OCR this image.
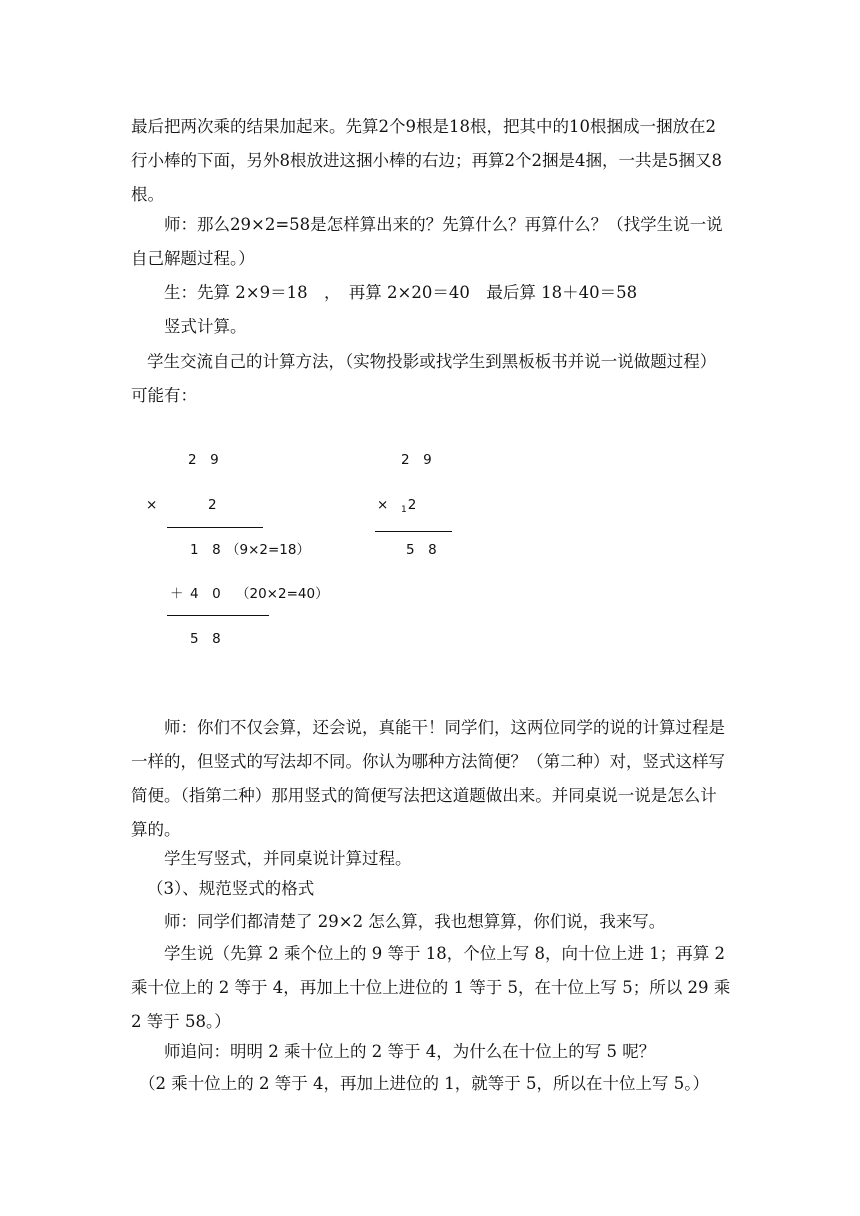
最后把两次乘的结果加起来。先算2个9根是18根，把其中的10根捆成一捆放在2行小棒的下面，另外8根放进这捆小棒的右边；再算2个2捆是4捆，一共是5捆又8根。

师：那么29×2=58是怎样算出来的？先算什么？再算什么？（找学生说一说自己解题过程。）

生：先算 2×9＝18　，　再算 2×20＝40　最后算 18＋40＝58

竖式计算。

学生交流自己的计算方法，（实物投影或找学生到黑板板书并说一说做题过程）可能有：

2　9
×	2
1　8 （9×2=18）
＋ 4　0 （20×2=40）
5　8
2　9
× $_1$2
5　8

师：你们不仅会算，还会说，真能干！同学们，这两位同学的说的计算过程是一样的，但竖式的写法却不同。你认为哪种方法简便？（第二种）对，竖式这样写简便。（指第二种）那用竖式的简便写法把这道题做出来。并同桌说一说是怎么计算的。

学生写竖式，并同桌说计算过程。

（3）、规范竖式的格式

师：同学们都清楚了 29×2 怎么算，我也想算算，你们说，我来写。

学生说（先算 2 乘个位上的 9 等于 18，个位上写 8，向十位上进 1；再算 2 乘十位上的 2 等于 4，再加上十位上进位的 1 等于 5，在十位上写 5；所以 29 乘 2 等于 58。）

师追问：明明 2 乘十位上的 2 等于 4，为什么在十位上的写 5 呢？

（2 乘十位上的 2 等于 4，再加上进位的 1，就等于 5，所以在十位上写 5。）
